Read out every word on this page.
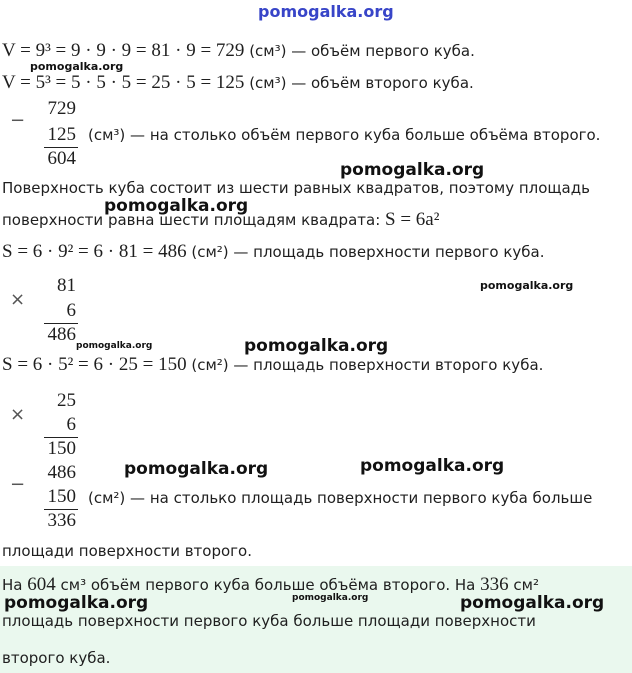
pomogalka.org
V = 9³ = 9 · 9 · 9 = 81 · 9 = 729 (см³) — объём первого куба.
pomogalka.org
V = 5³ = 5 · 5 · 5 = 25 · 5 = 125 (см³) — объём второго куба.
−
729
125
604
(см³) — на столько объём первого куба больше объёма второго.
pomogalka.org
Поверхность куба состоит из шести равных квадратов, поэтому площадь
pomogalka.org
поверхности равна шести площадям квадрата: S = 6a²
S = 6 · 9² = 6 · 81 = 486 (см²) — площадь поверхности первого куба.
pomogalka.org
×
81
6
486
pomogalka.org	pomogalka.org
S = 6 · 5² = 6 · 25 = 150 (см²) — площадь поверхности второго куба.
×
25
6
150
486	pomogalka.org	pomogalka.org
−
150
336
(см²) — на столько площадь поверхности первого куба больше
площади поверхности второго.
На 604 см³ объём первого куба больше объёма второго. На 336 см²
pomogalka.org	pomogalka.org	pomogalka.org
площадь поверхности первого куба больше площади поверхности
второго куба.
